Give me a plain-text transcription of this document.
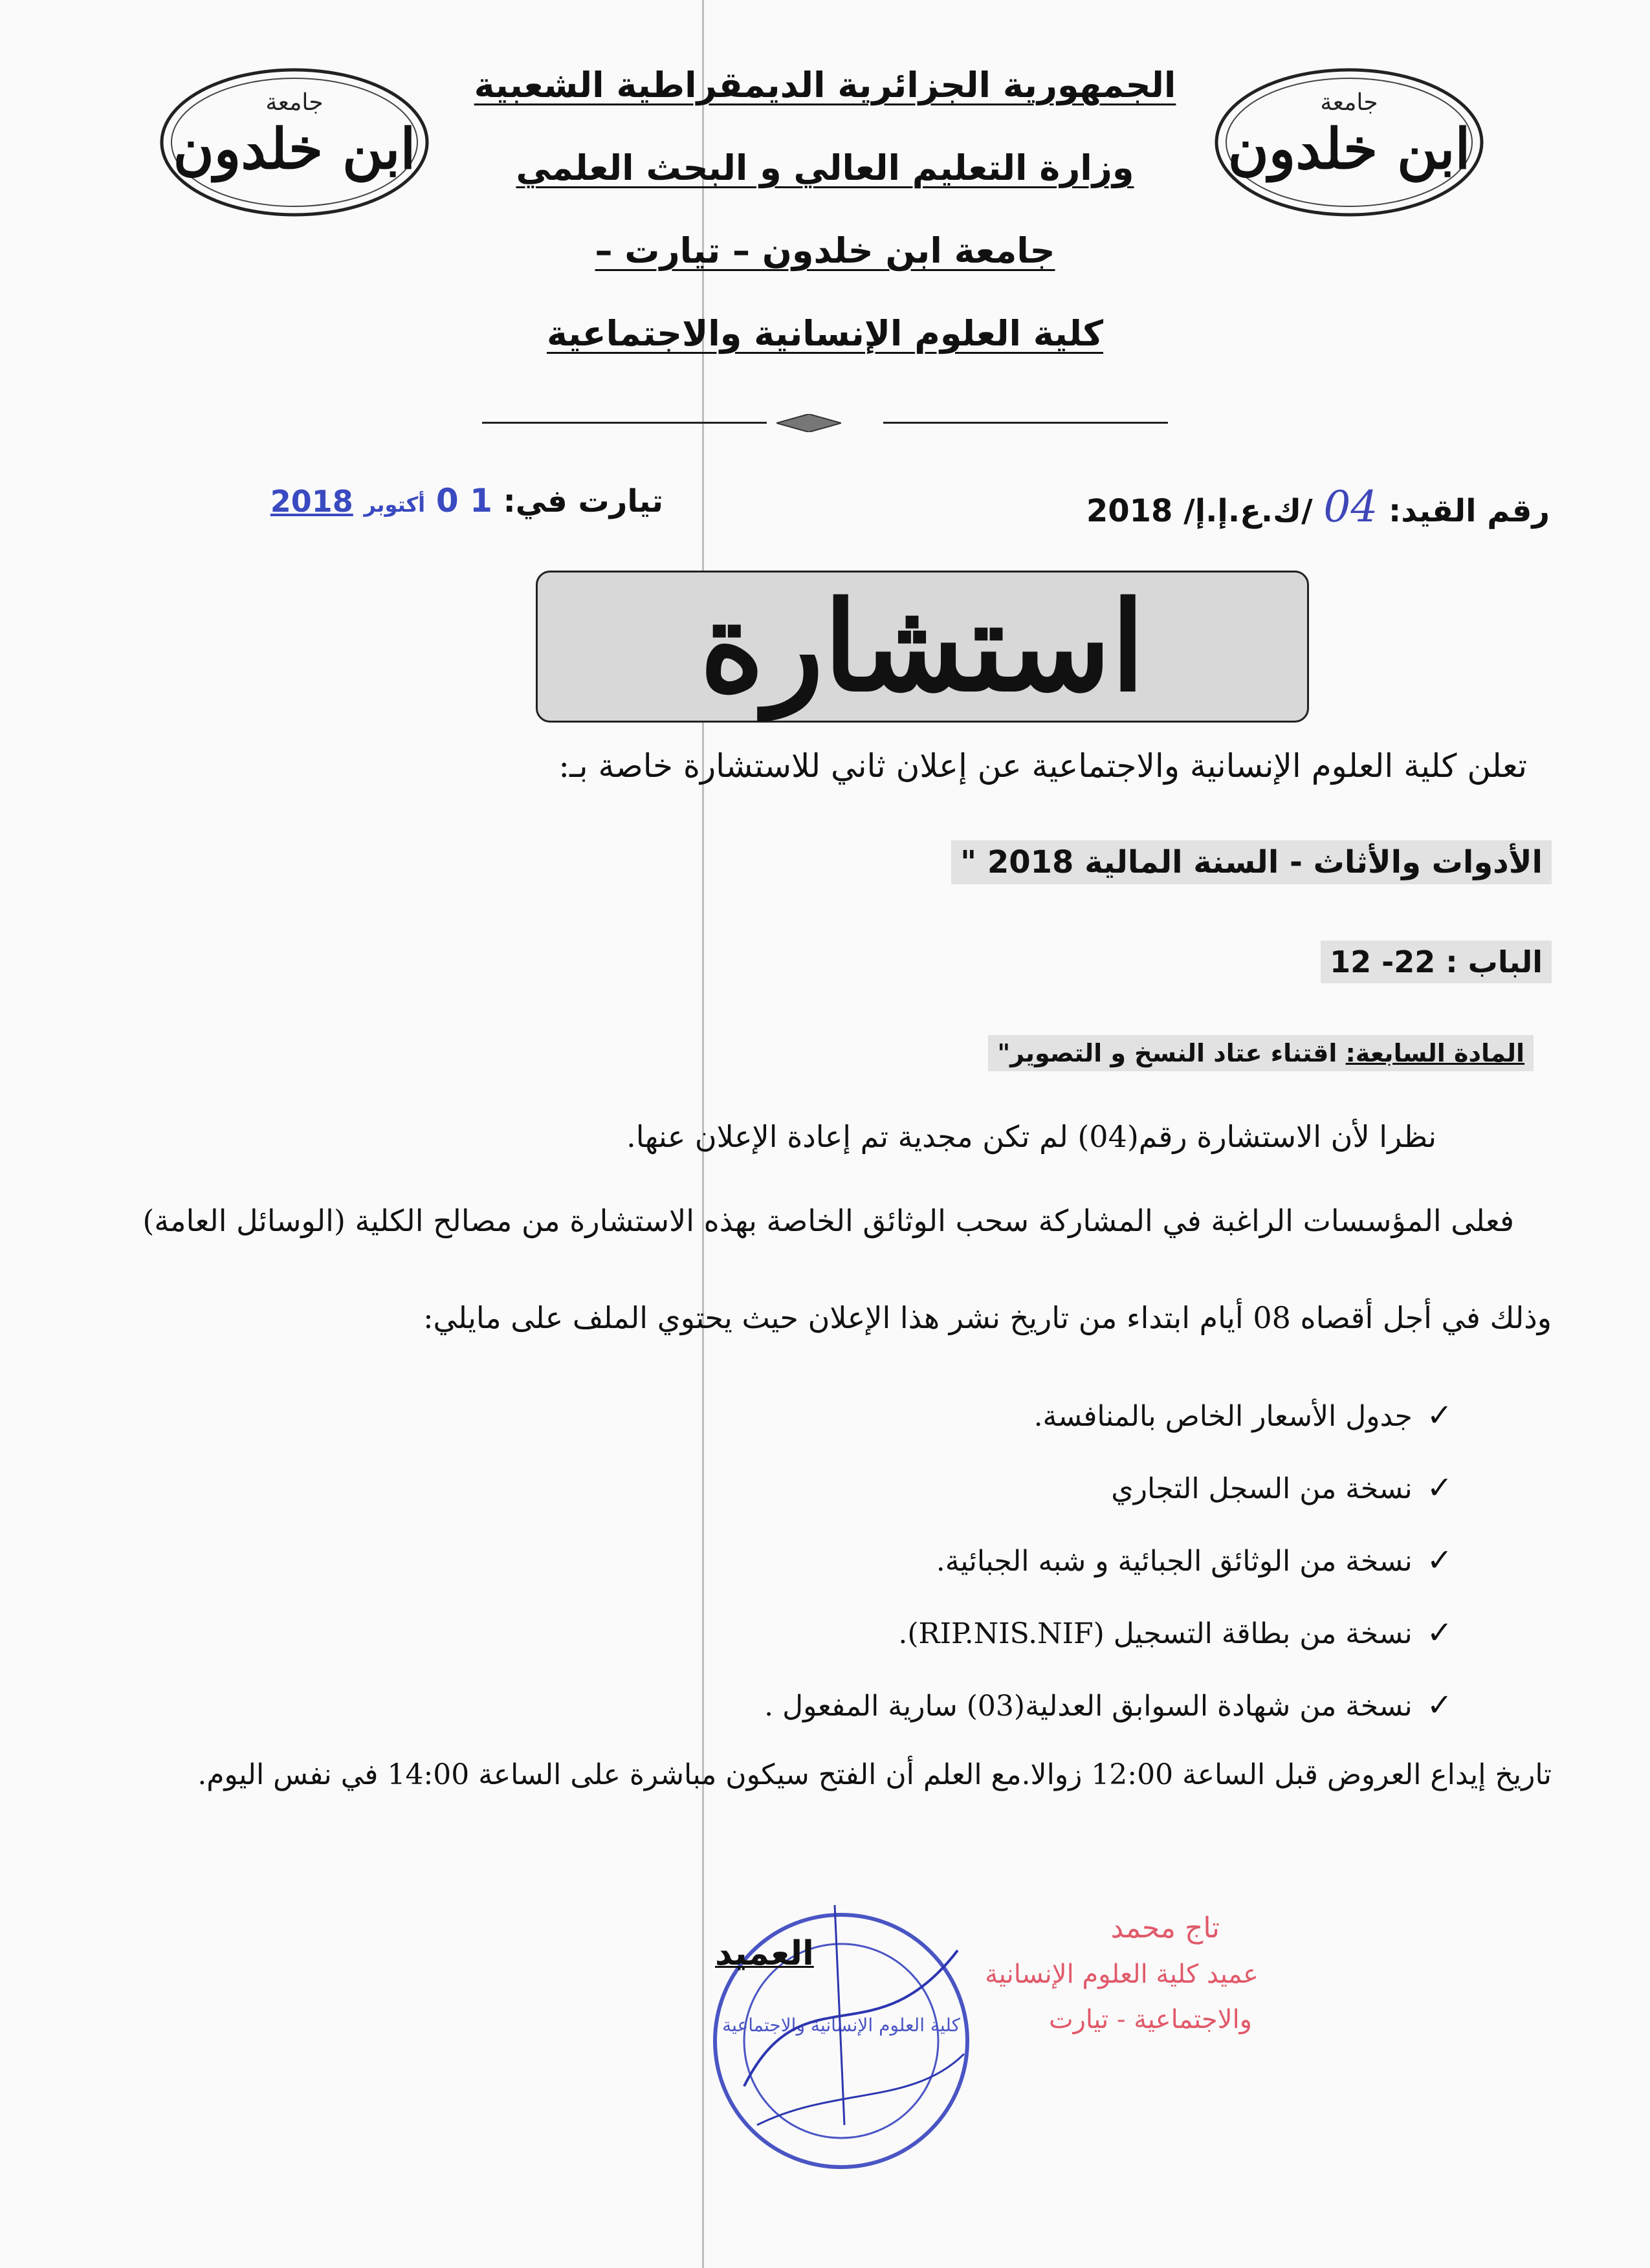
جامعة
ابن خلدون
جامعة
ابن خلدون
الجمهورية الجزائرية الديمقراطية الشعبية
وزارة التعليم العالي و البحث العلمي
جامعة ابن خلدون – تيارت –
كلية العلوم الإنسانية والاجتماعية
رقم القيد: 04 /ك.ع.إ.إ/ 2018
تيارت في: 1 0 أكتوبر 2018
استشارة
تعلن كلية العلوم الإنسانية والاجتماعية عن إعلان ثاني للاستشارة خاصة بـ:
الأدوات والأثاث - السنة المالية 2018 "
الباب : 22- 12
المادة السابعة: اقتناء عتاد النسخ و التصوير"
نظرا لأن الاستشارة رقم(04) لم تكن مجدية تم إعادة الإعلان عنها.
فعلى المؤسسات الراغبة في المشاركة سحب الوثائق الخاصة بهذه الاستشارة من مصالح الكلية (الوسائل العامة)
وذلك في أجل أقصاه 08 أيام ابتداء من تاريخ نشر هذا الإعلان حيث يحتوي الملف على مايلي:
✓جدول الأسعار الخاص بالمنافسة.
✓نسخة من السجل التجاري
✓نسخة من الوثائق الجبائية و شبه الجبائية.
✓نسخة من بطاقة التسجيل (RIP.NIS.NIF).
✓نسخة من شهادة السوابق العدلية(03) سارية المفعول .
تاريخ إيداع العروض قبل الساعة 12:00 زوالا.مع العلم أن الفتح سيكون مباشرة على الساعة 14:00 في نفس اليوم.
كلية العلوم الإنسانية والاجتماعية
العميد
تاج محمد
عميد كلية العلوم الإنسانية
والاجتماعية - تيارت
